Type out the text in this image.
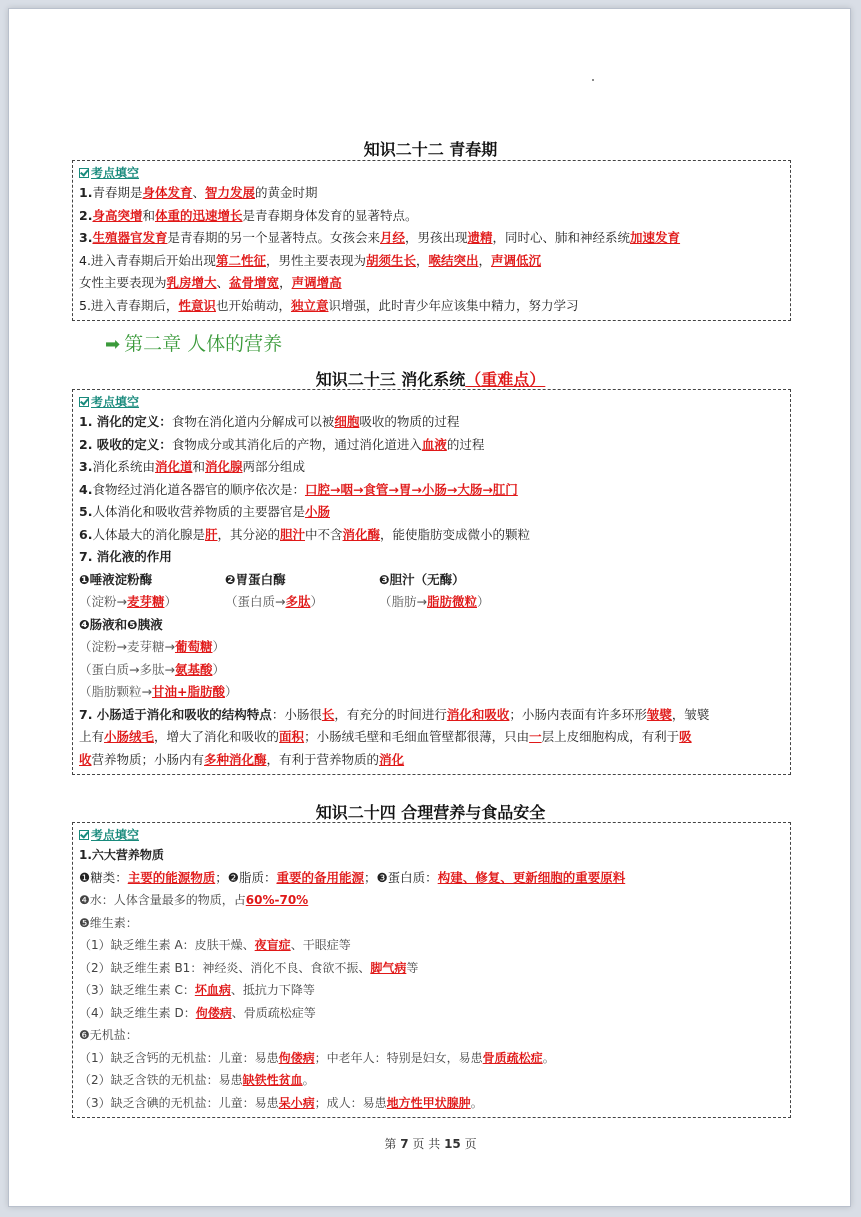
知识二十二 青春期
考点填空
1.青春期是身体发育、智力发展的黄金时期
2.身高突增和体重的迅速增长是青春期身体发育的显著特点。
3.生殖器官发育是青春期的另一个显著特点。女孩会来月经，男孩出现遗精，同时心、肺和神经系统加速发育
4.进入青春期后开始出现第二性征，男性主要表现为胡须生长，喉结突出，声调低沉
女性主要表现为乳房增大、盆骨增宽，声调增高
5.进入青春期后，性意识也开始萌动，独立意识增强，此时青少年应该集中精力，努力学习
➡ 第二章 人体的营养
知识二十三 消化系统（重难点）
考点填空
1. 消化的定义：食物在消化道内分解成可以被细胞吸收的物质的过程
2. 吸收的定义：食物成分或其消化后的产物，通过消化道进入血液的过程
3.消化系统由消化道和消化腺两部分组成
4.食物经过消化道各器官的顺序依次是：口腔→咽→食管→胃→小肠→大肠→肛门
5.人体消化和吸收营养物质的主要器官是小肠
6.人体最大的消化腺是肝，其分泌的胆汁中不含消化酶，能使脂肪变成微小的颗粒
7. 消化液的作用
❶唾液淀粉酶	❷胃蛋白酶	❸胆汁（无酶）
（淀粉→麦芽糖）	（蛋白质→多肽）	（脂肪→脂肪微粒）
❹肠液和❺胰液
（淀粉→麦芽糖→葡萄糖）
（蛋白质→多肽→氨基酸）
（脂肪颗粒→甘油+脂肪酸）
7. 小肠适于消化和吸收的结构特点：小肠很长，有充分的时间进行消化和吸收；小肠内表面有许多环形皱襞，皱襞
上有小肠绒毛，增大了消化和吸收的面积；小肠绒毛壁和毛细血管壁都很薄，只由一层上皮细胞构成，有利于吸
收营养物质；小肠内有多种消化酶，有利于营养物质的消化
知识二十四 合理营养与食品安全
考点填空
1.六大营养物质
❶糖类：主要的能源物质；❷脂质：重要的备用能源；❸蛋白质：构建、修复、更新细胞的重要原料
❹水：人体含量最多的物质，占60%-70%
❺维生素：
（1）缺乏维生素 A：皮肤干燥、夜盲症、干眼症等
（2）缺乏维生素 B1：神经炎、消化不良、食欲不振、脚气病等
（3）缺乏维生素 C：坏血病、抵抗力下降等
（4）缺乏维生素 D：佝偻病、骨质疏松症等
❻无机盐：
（1）缺乏含钙的无机盐：儿童：易患佝偻病；中老年人：特别是妇女，易患骨质疏松症。
（2）缺乏含铁的无机盐：易患缺铁性贫血。
（3）缺乏含碘的无机盐：儿童：易患呆小病；成人：易患地方性甲状腺肿。
第 7 页 共 15 页
